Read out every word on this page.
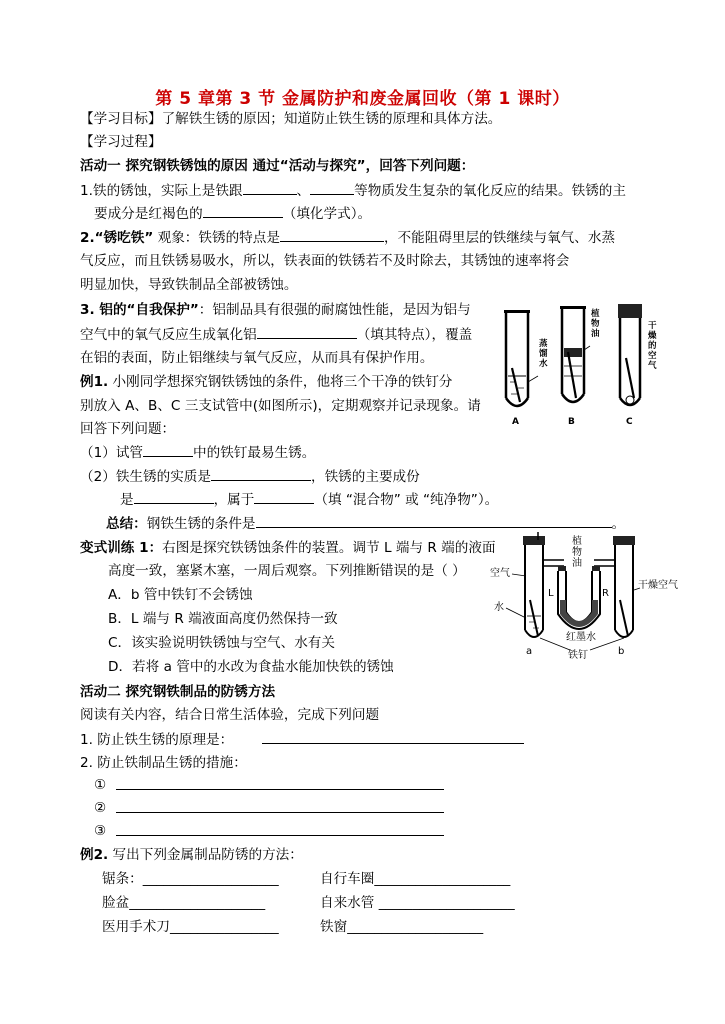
第 5 章第 3 节 金属防护和废金属回收（第 1 课时）
【学习目标】了解铁生锈的原因；知道防止铁生锈的原理和具体方法。
【学习过程】
活动一 探究钢铁锈蚀的原因 通过“活动与探究”，回答下列问题：
1.铁的锈蚀，实际上是铁跟	、	等物质发生复杂的氧化反应的结果。铁锈的主
要成分是红褐色的	（填化学式）。
2.“锈吃铁” 观象：铁锈的特点是	，不能阻碍里层的铁继续与氧气、水蒸
气反应，而且铁锈易吸水，所以，铁表面的铁锈若不及时除去，其锈蚀的速率将会
明显加快，导致铁制品全部被锈蚀。
3. 铝的“自我保护”：铝制品具有很强的耐腐蚀性能，是因为铝与
空气中的氧气反应生成氧化铝	（填其特点），覆盖
在铝的表面，防止铝继续与氧气反应，从而具有保护作用。
例1. 小刚同学想探究钢铁锈蚀的条件，他将三个干净的铁钉分
别放入 A、B、C 三支试管中(如图所示)，定期观察并记录现象。请
回答下列问题：
（1）试管	中的铁钉最易生锈。
（2）铁生锈的实质是	，铁锈的主要成份
是	，属于	（填 “混合物” 或 “纯净物”）。
总结：钢铁生锈的条件是	。
变式训练 1：右图是探究铁锈蚀条件的装置。调节 L 端与 R 端的液面
高度一致，塞紧木塞，一周后观察。下列推断错误的是（ ）
A．b 管中铁钉不会锈蚀
B．L 端与 R 端液面高度仍然保持一致
C．该实验说明铁锈蚀与空气、水有关
D．若将 a 管中的水改为食盐水能加快铁的锈蚀
活动二 探究钢铁制品的防锈方法
阅读有关内容，结合日常生活体验，完成下列问题
1. 防止铁生锈的原理是：
2. 防止铁制品生锈的措施：
①
②
③
例2. 写出下列金属制品防锈的方法：
锯条：____________________	自行车圈____________________
脸盆____________________	自来水管 ____________________
医用手术刀________________	铁窗____________________
A
蒸馏水
B
植物油
C
干燥的空气
空气
水
植物油
L	R
干燥空气
红墨水
a	b
铁钉
